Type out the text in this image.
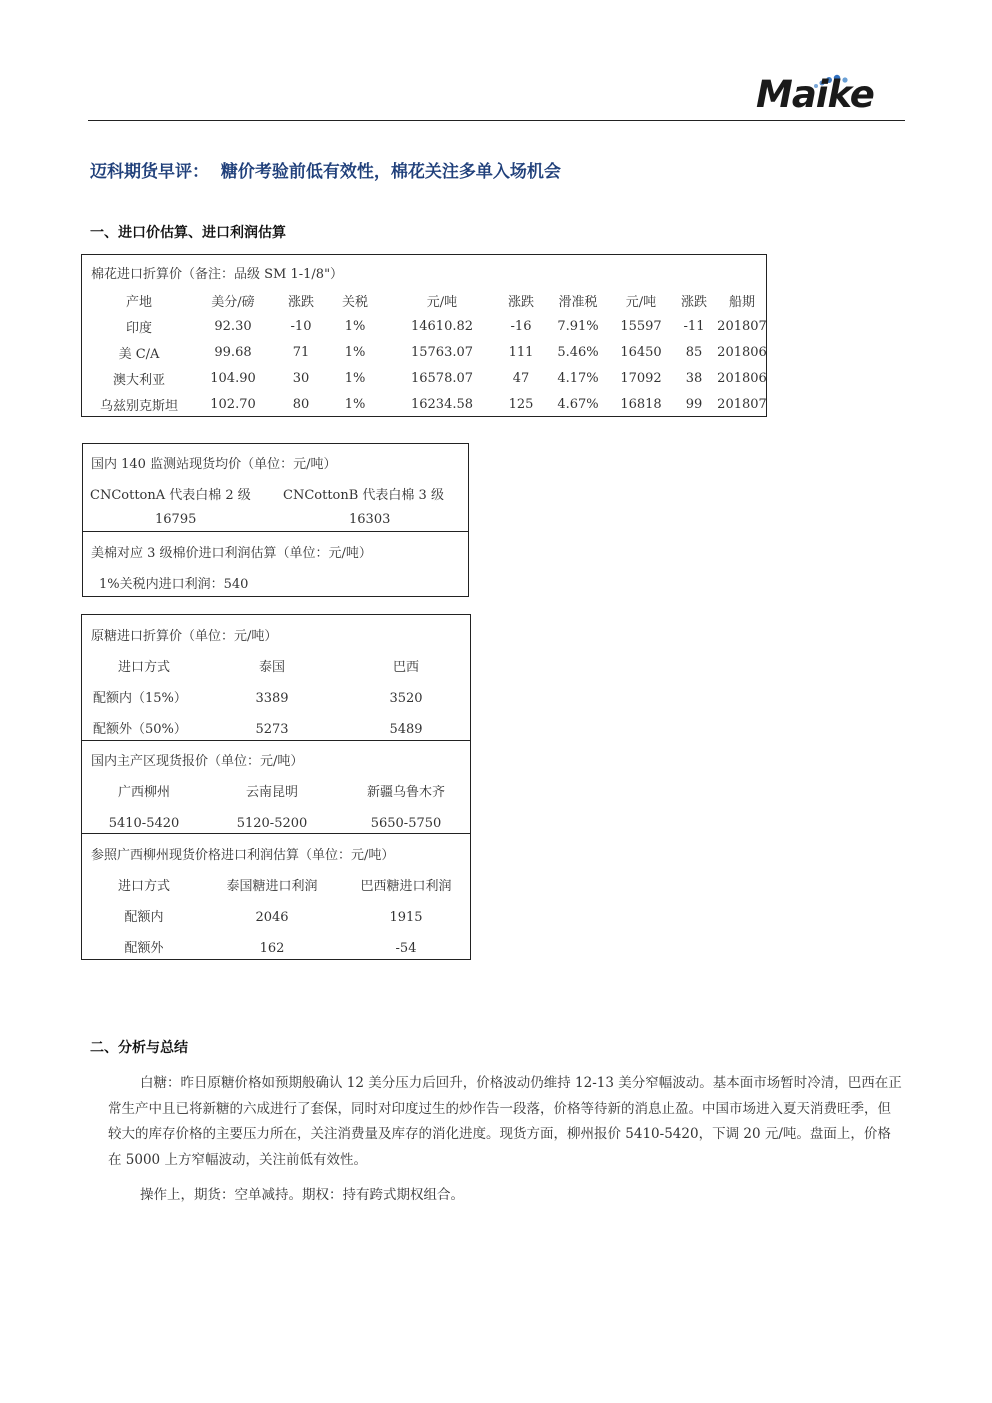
Maike
迈科期货早评：  糖价考验前低有效性，棉花关注多单入场机会
一、进口价估算、进口利润估算
棉花进口折算价（备注：品级 SM 1-1/8"）
产地	美分/磅	涨跌	关税	元/吨	涨跌	滑准税	元/吨	涨跌	船期
印度	92.30	-10	1%	14610.82	-16	7.91%	15597	-11	201807
美 C/A	99.68	71	1%	15763.07	111	5.46%	16450	85	201806
澳大利亚	104.90	30	1%	16578.07	47	4.17%	17092	38	201806
乌兹别克斯坦	102.70	80	1%	16234.58	125	4.67%	16818	99	201807
国内 140 监测站现货均价（单位：元/吨）
CNCottonA 代表白棉 2 级 CNCottonB 代表白棉 3 级
16795	16303
美棉对应 3 级棉价进口利润估算（单位：元/吨）
1%关税内进口利润：540
原糖进口折算价（单位：元/吨）
进口方式	泰国	巴西
配额内（15%）	3389	3520
配额外（50%）	5273	5489
国内主产区现货报价（单位：元/吨）
广西柳州	云南昆明	新疆乌鲁木齐
5410-5420	5120-5200	5650-5750
参照广西柳州现货价格进口利润估算（单位：元/吨）
进口方式	泰国糖进口利润	巴西糖进口利润
配额内	2046	1915
配额外	162	-54
二、分析与总结
白糖：昨日原糖价格如预期般确认 12 美分压力后回升，价格波动仍维持 12-13 美分窄幅波动。基本面市场暂时冷清，巴西在正常生产中且已将新糖的六成进行了套保，同时对印度过生的炒作告一段落，价格等待新的消息止盈。中国市场进入夏天消费旺季，但较大的库存价格的主要压力所在，关注消费量及库存的消化进度。现货方面，柳州报价 5410-5420，下调 20 元/吨。盘面上，价格在 5000 上方窄幅波动，关注前低有效性。
操作上，期货：空单减持。期权：持有跨式期权组合。
